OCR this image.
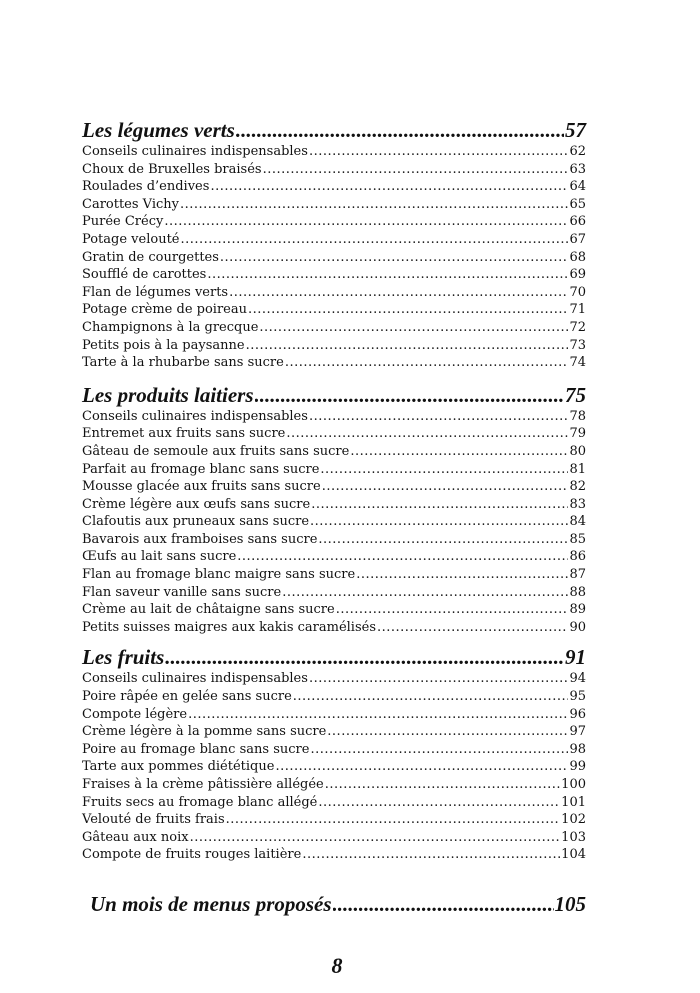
Les légumes verts .....	57
Conseils culinaires indispensables .....	62
Choux de Bruxelles braisés .....	63
Roulades d’endives .....	64
Carottes Vichy .....	65
Purée Crécy .....	66
Potage velouté .....	67
Gratin de courgettes .....	68
Soufflé de carottes .....	69
Flan de légumes verts .....	70
Potage crème de poireau .....	71
Champignons à la grecque .....	72
Petits pois à la paysanne .....	73
Tarte à la rhubarbe sans sucre .....	74
Les produits laitiers .....	75
Conseils culinaires indispensables .....	78
Entremet aux fruits sans sucre .....	79
Gâteau de semoule aux fruits sans sucre .....	80
Parfait au fromage blanc sans sucre .....	81
Mousse glacée aux fruits sans sucre .....	82
Crème légère aux œufs sans sucre .....	83
Clafoutis aux pruneaux sans sucre .....	84
Bavarois aux framboises sans sucre .....	85
Œufs au lait sans sucre .....	86
Flan au fromage blanc maigre sans sucre .....	87
Flan saveur vanille sans sucre .....	88
Crème au lait de châtaigne sans sucre .....	89
Petits suisses maigres aux kakis caramélisés .....	90
Les fruits .....	91
Conseils culinaires indispensables .....	94
Poire râpée en gelée sans sucre .....	95
Compote légère .....	96
Crème légère à la pomme sans sucre .....	97
Poire au fromage blanc sans sucre .....	98
Tarte aux pommes diététique .....	99
Fraises à la crème pâtissière allégée .....	100
Fruits secs au fromage blanc allégé .....	101
Velouté de fruits frais .....	102
Gâteau aux noix .....	103
Compote de fruits rouges laitière .....	104
Un mois de menus proposés .....	105
8
